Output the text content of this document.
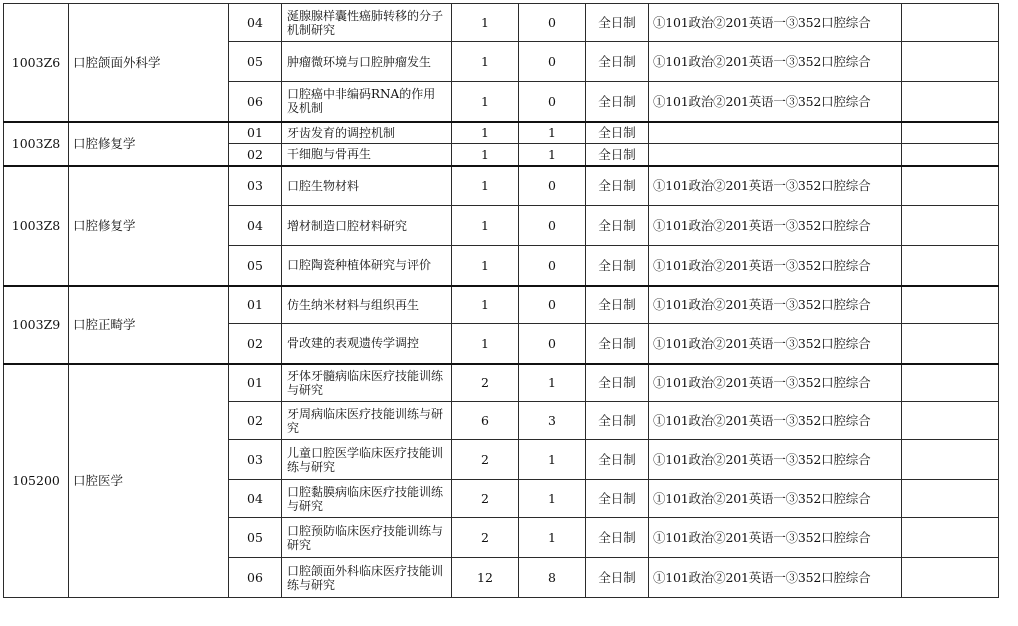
1003Z6	口腔颌面外科学	04	涎腺腺样囊性癌肺转移的分子机制研究	1	0	全日制	①101政治②201英语一③352口腔综合	
		05	肿瘤微环境与口腔肿瘤发生	1	0	全日制	①101政治②201英语一③352口腔综合	
		06	口腔癌中非编码RNA的作用及机制	1	0	全日制	①101政治②201英语一③352口腔综合	
1003Z8	口腔修复学	01	牙齿发育的调控机制	1	1	全日制		
		02	干细胞与骨再生	1	1	全日制		
1003Z8	口腔修复学	03	口腔生物材料	1	0	全日制	①101政治②201英语一③352口腔综合	
		04	增材制造口腔材料研究	1	0	全日制	①101政治②201英语一③352口腔综合	
		05	口腔陶瓷种植体研究与评价	1	0	全日制	①101政治②201英语一③352口腔综合	
1003Z9	口腔正畸学	01	仿生纳米材料与组织再生	1	0	全日制	①101政治②201英语一③352口腔综合	
		02	骨改建的表观遗传学调控	1	0	全日制	①101政治②201英语一③352口腔综合	
105200	口腔医学	01	牙体牙髓病临床医疗技能训练与研究	2	1	全日制	①101政治②201英语一③352口腔综合	
		02	牙周病临床医疗技能训练与研究	6	3	全日制	①101政治②201英语一③352口腔综合	
		03	儿童口腔医学临床医疗技能训练与研究	2	1	全日制	①101政治②201英语一③352口腔综合	
		04	口腔黏膜病临床医疗技能训练与研究	2	1	全日制	①101政治②201英语一③352口腔综合	
		05	口腔预防临床医疗技能训练与研究	2	1	全日制	①101政治②201英语一③352口腔综合	
		06	口腔颌面外科临床医疗技能训练与研究	12	8	全日制	①101政治②201英语一③352口腔综合	
